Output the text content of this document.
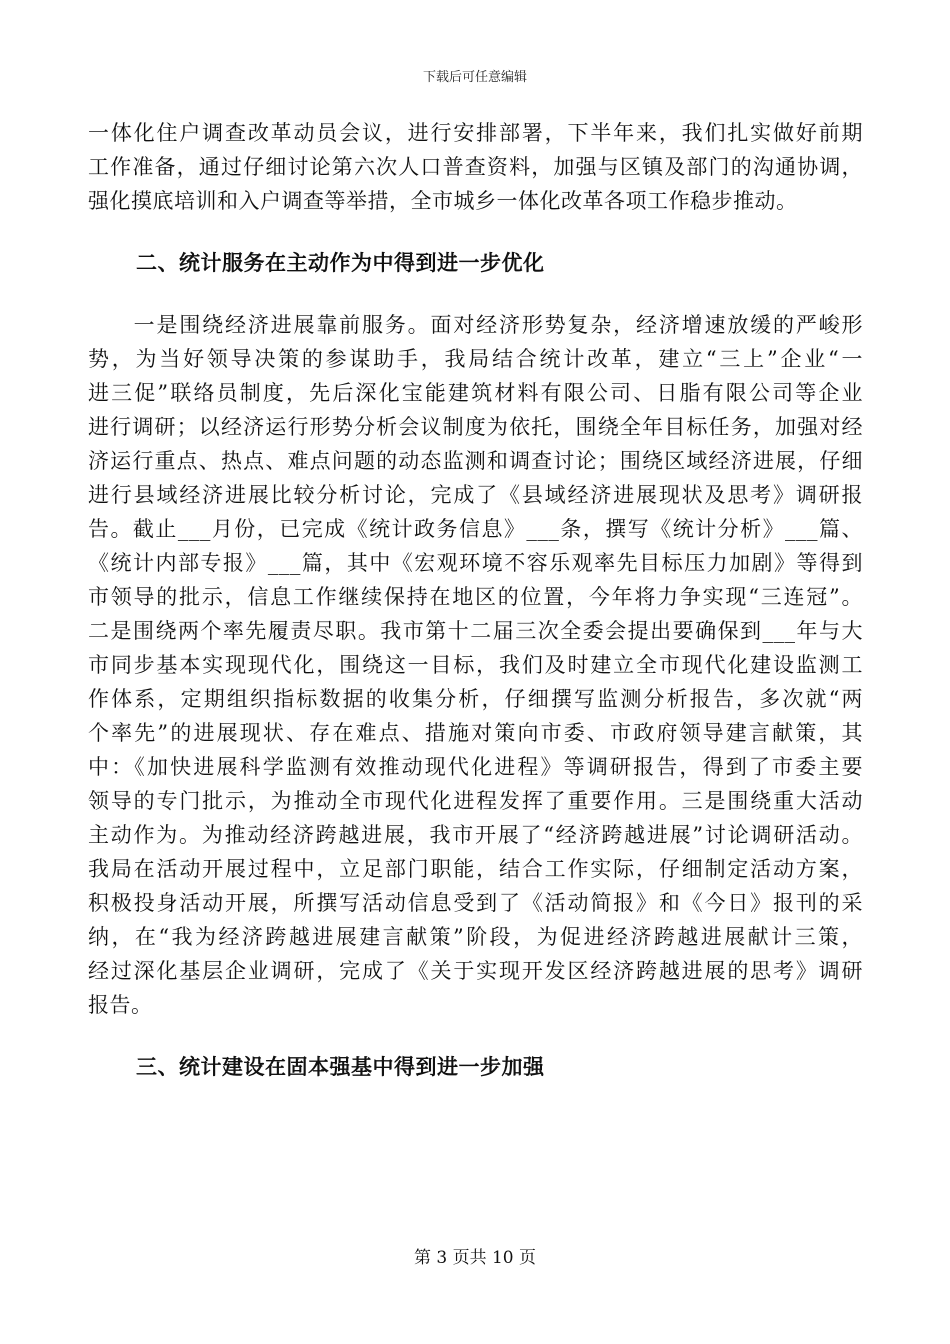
下载后可任意编辑
一体化住户调查改革动员会议，进行安排部署，下半年来，我们扎实做好前期
工作准备，通过仔细讨论第六次人口普查资料，加强与区镇及部门的沟通协调，
强化摸底培训和入户调查等举措，全市城乡一体化改革各项工作稳步推动。
二、统计服务在主动作为中得到进一步优化
　　一是围绕经济进展靠前服务。面对经济形势复杂，经济增速放缓的严峻形
势，为当好领导决策的参谋助手，我局结合统计改革，建立“三上”企业“一
进三促”联络员制度，先后深化宝能建筑材料有限公司、日脂有限公司等企业
进行调研；以经济运行形势分析会议制度为依托，围绕全年目标任务，加强对经
济运行重点、热点、难点问题的动态监测和调查讨论；围绕区域经济进展，仔细
进行县域经济进展比较分析讨论，完成了《县域经济进展现状及思考》调研报
告。截止___月份，已完成《统计政务信息》___条，撰写《统计分析》___篇、
《统计内部专报》___篇，其中《宏观环境不容乐观率先目标压力加剧》等得到
市领导的批示，信息工作继续保持在地区的位置，今年将力争实现“三连冠”。
二是围绕两个率先履责尽职。我市第十二届三次全委会提出要确保到___年与大
市同步基本实现现代化，围绕这一目标，我们及时建立全市现代化建设监测工
作体系，定期组织指标数据的收集分析，仔细撰写监测分析报告，多次就“两
个率先”的进展现状、存在难点、措施对策向市委、市政府领导建言献策，其
中：《加快进展科学监测有效推动现代化进程》等调研报告，得到了市委主要
领导的专门批示，为推动全市现代化进程发挥了重要作用。三是围绕重大活动
主动作为。为推动经济跨越进展，我市开展了“经济跨越进展”讨论调研活动。
我局在活动开展过程中，立足部门职能，结合工作实际，仔细制定活动方案，
积极投身活动开展，所撰写活动信息受到了《活动简报》和《今日》报刊的采
纳，在“我为经济跨越进展建言献策”阶段，为促进经济跨越进展献计三策，
经过深化基层企业调研，完成了《关于实现开发区经济跨越进展的思考》调研
报告。
三、统计建设在固本强基中得到进一步加强
第 3 页共 10 页
